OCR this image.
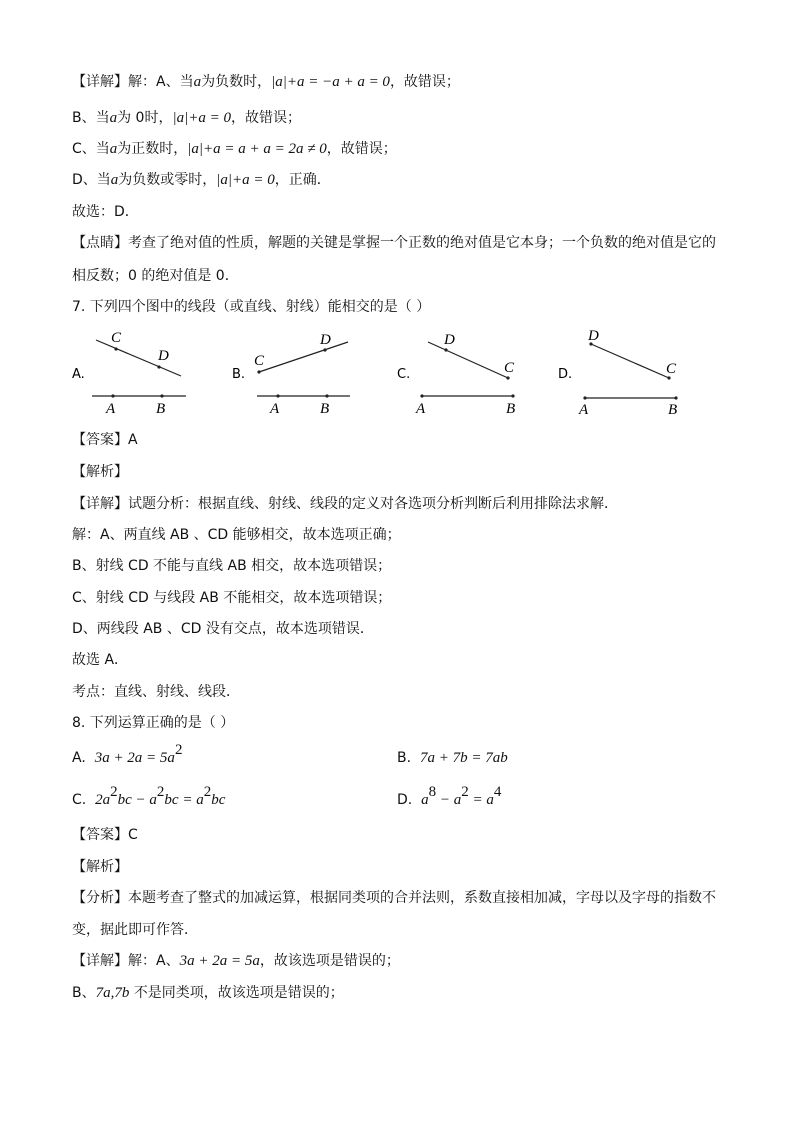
【详解】解：A、当a为负数时，|a|+a = −a + a = 0，故错误；
B、当a为 0时，|a|+a = 0，故错误；
C、当a为正数时，|a|+a = a + a = 2a ≠ 0，故错误；
D、当a为负数或零时，|a|+a = 0，正确．
故选：D．
【点睛】考查了绝对值的性质，解题的关键是掌握一个正数的绝对值是它本身；一个负数的绝对值是它的
相反数；0 的绝对值是 0．
7. 下列四个图中的线段（或直线、射线）能相交的是（ ）
A.
C
D
A	B
B.
C
D
A	B
C.
D
C
A	B
D.
D
C
A	B
【答案】A
【解析】
【详解】试题分析：根据直线、射线、线段的定义对各选项分析判断后利用排除法求解．
解：A、两直线 AB 、CD 能够相交，故本选项正确；
B、射线 CD 不能与直线 AB 相交，故本选项错误；
C、射线 CD 与线段 AB 不能相交，故本选项错误；
D、两线段 AB 、CD 没有交点，故本选项错误．
故选 A．
考点：直线、射线、线段．
8. 下列运算正确的是（ ）
A. $3a + 2a = 5a^2$	B. 7a + 7b = 7ab
C. $2a^2bc - a^2bc = a^2bc$	D. $a^8 - a^2 = a^4$
【答案】C
【解析】
【分析】本题考查了整式的加减运算，根据同类项的合并法则，系数直接相加减，字母以及字母的指数不
变，据此即可作答．
【详解】解：A、3a + 2a = 5a，故该选项是错误的；
B、7a,7b 不是同类项，故该选项是错误的；
